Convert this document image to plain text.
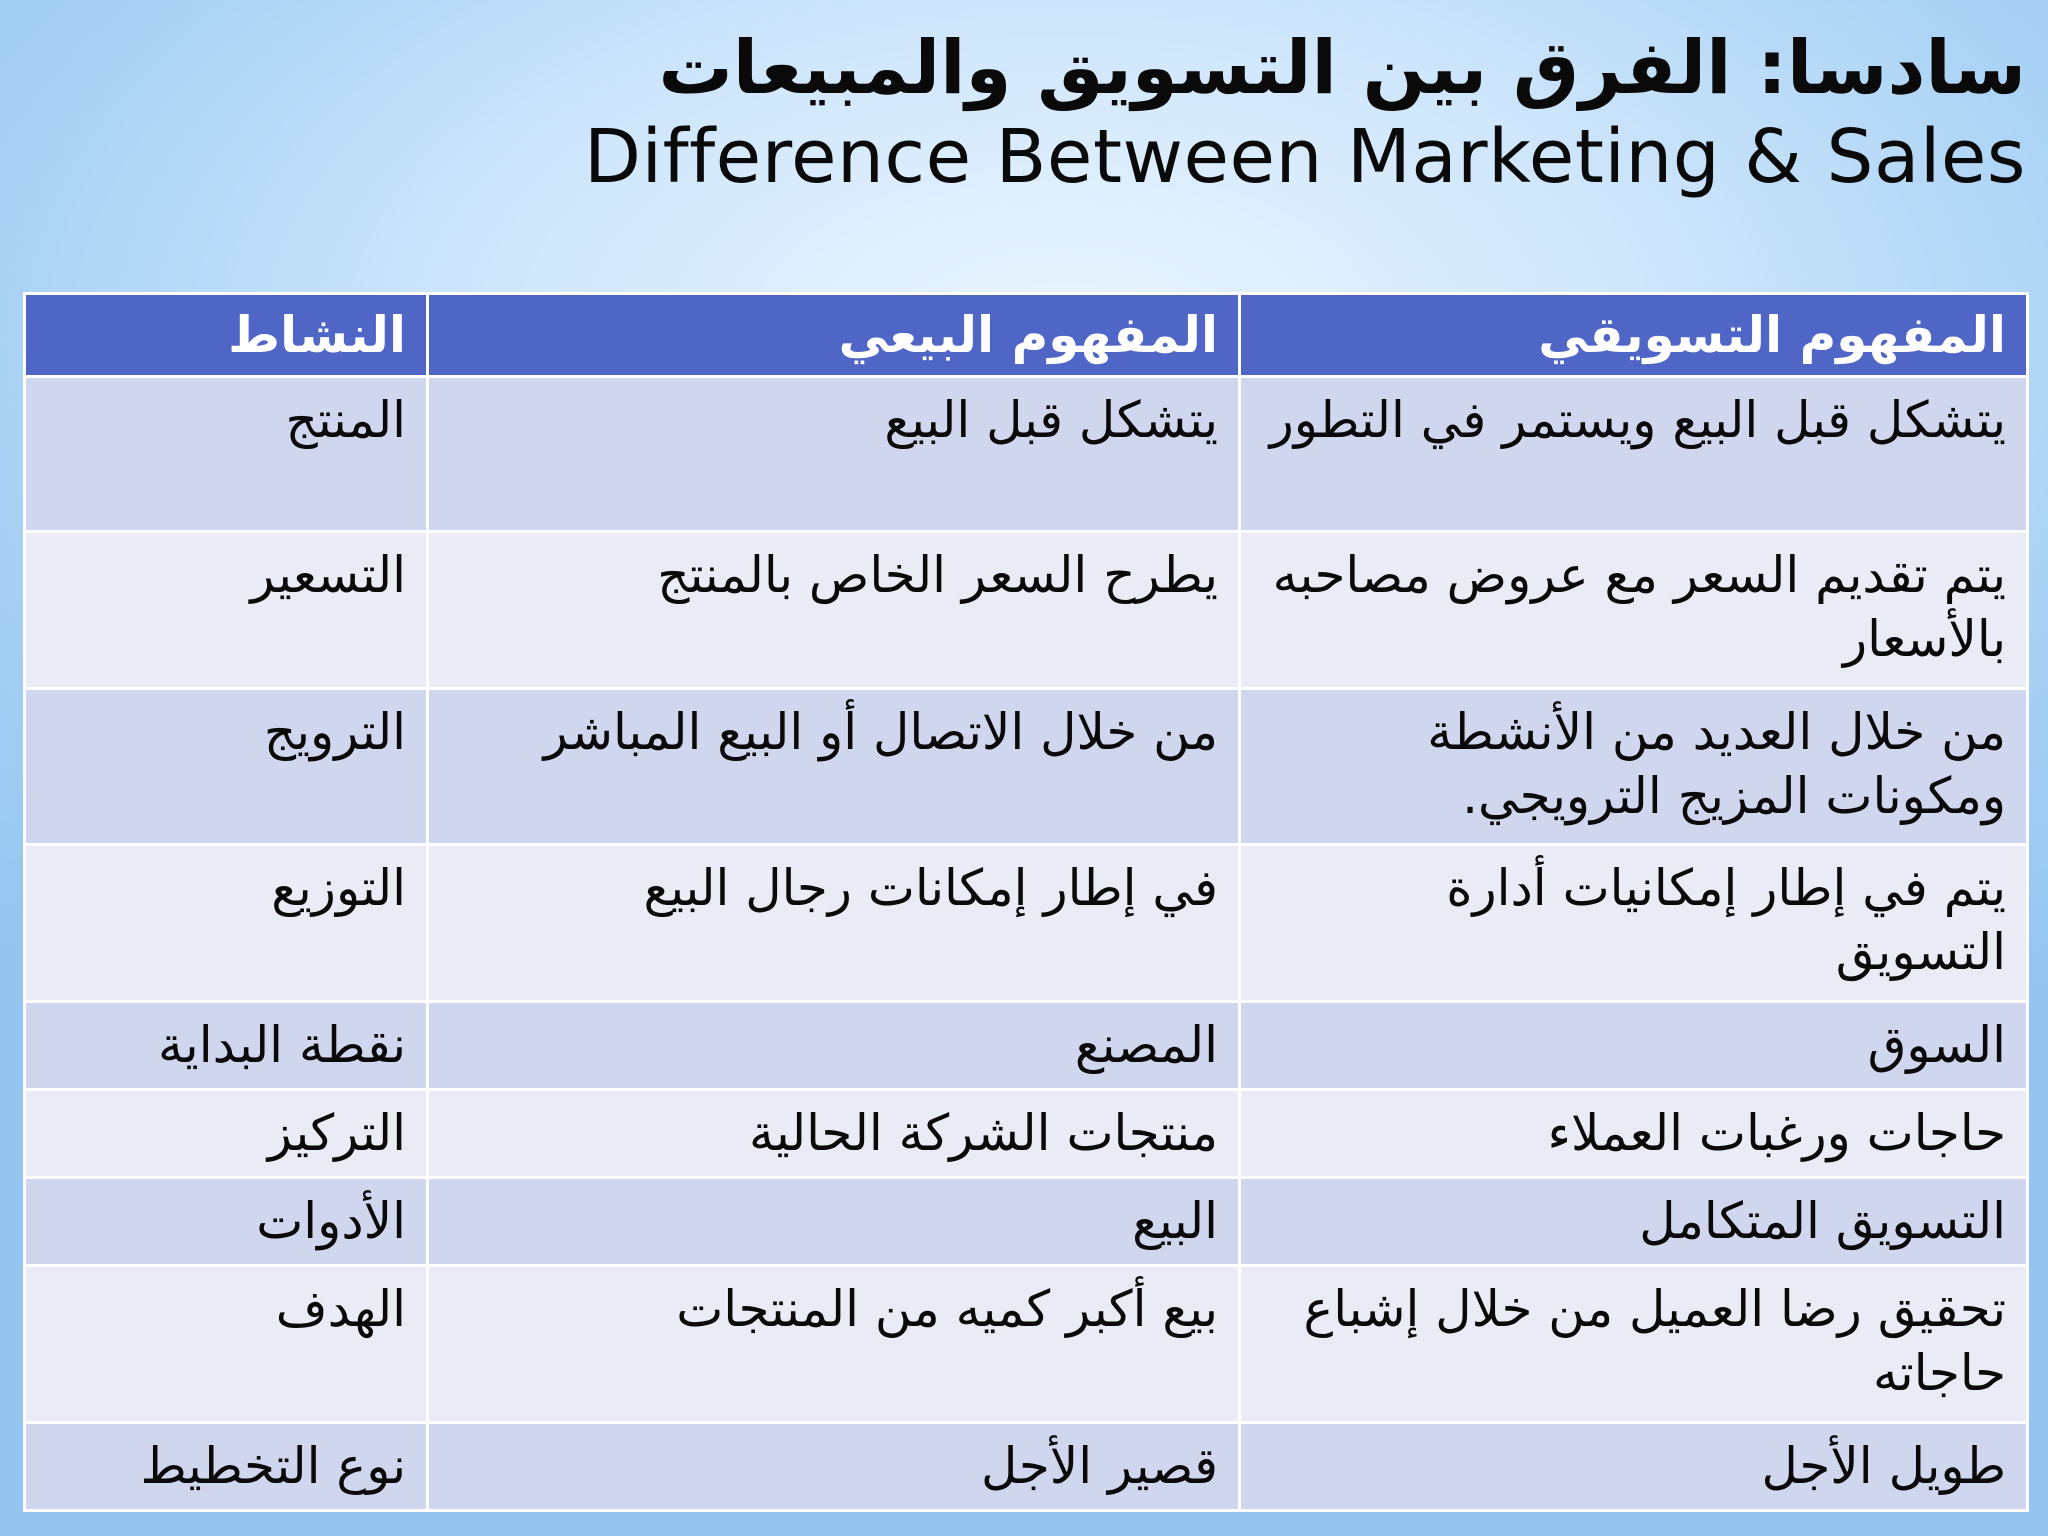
سادسا: الفرق بين التسويق والمبيعات
Difference Between Marketing & Sales
المفهوم التسويقي	المفهوم البيعي	النشاط
يتشكل قبل البيع ويستمر في التطور	يتشكل قبل البيع	المنتج
يتم تقديم السعر مع عروض مصاحبه بالأسعار	يطرح السعر الخاص بالمنتج	التسعير
من خلال العديد من الأنشطة ومكونات المزيج الترويجي.	من خلال الاتصال أو البيع المباشر	الترويج
يتم في إطار إمكانيات أدارة التسويق	في إطار إمكانات رجال البيع	التوزيع
السوق	المصنع	نقطة البداية
حاجات ورغبات العملاء	منتجات الشركة الحالية	التركيز
التسويق المتكامل	البيع	الأدوات
تحقيق رضا العميل من خلال إشباع حاجاته	بيع أكبر كميه من المنتجات	الهدف
طويل الأجل	قصير الأجل	نوع التخطيط
